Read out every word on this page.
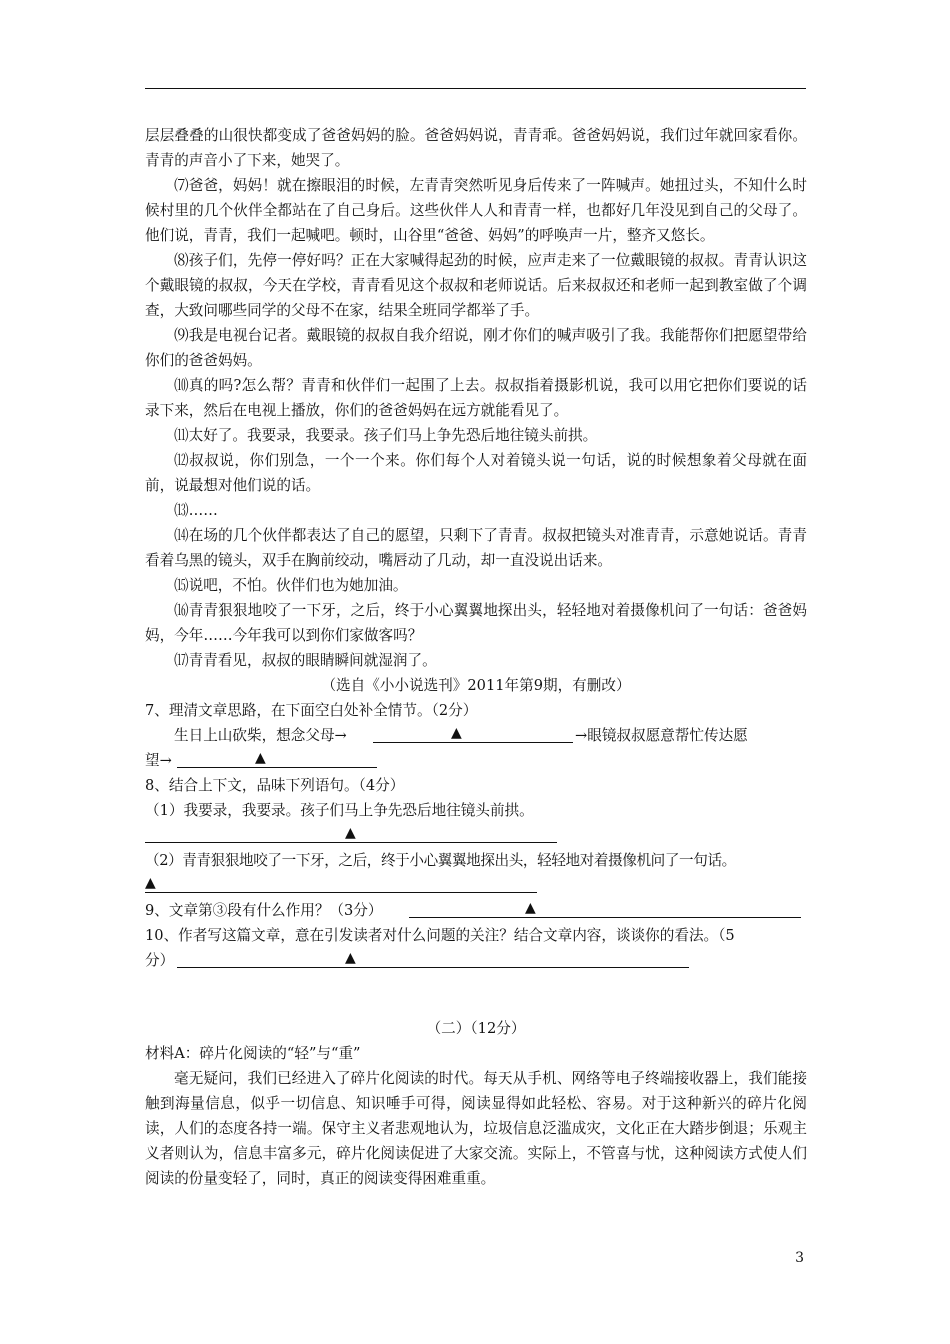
层层叠叠的山很快都变成了爸爸妈妈的脸。爸爸妈妈说，青青乖。爸爸妈妈说，我们过年就回家看你。青青的声音小了下来，她哭了。

⑺爸爸，妈妈！就在擦眼泪的时候，左青青突然听见身后传来了一阵喊声。她扭过头，不知什么时候村里的几个伙伴全都站在了自己身后。这些伙伴人人和青青一样，也都好几年没见到自己的父母了。他们说，青青，我们一起喊吧。顿时，山谷里“爸爸、妈妈”的呼唤声一片，整齐又悠长。

⑻孩子们，先停一停好吗？正在大家喊得起劲的时候，应声走来了一位戴眼镜的叔叔。青青认识这个戴眼镜的叔叔，今天在学校，青青看见这个叔叔和老师说话。后来叔叔还和老师一起到教室做了个调查，大致问哪些同学的父母不在家，结果全班同学都举了手。

⑼我是电视台记者。戴眼镜的叔叔自我介绍说，刚才你们的喊声吸引了我。我能帮你们把愿望带给你们的爸爸妈妈。

⑽真的吗?怎么帮？青青和伙伴们一起围了上去。叔叔指着摄影机说，我可以用它把你们要说的话录下来，然后在电视上播放，你们的爸爸妈妈在远方就能看见了。

⑾太好了。我要录，我要录。孩子们马上争先恐后地往镜头前拱。

⑿叔叔说，你们别急，一个一个来。你们每个人对着镜头说一句话，说的时候想象着父母就在面前，说最想对他们说的话。

⒀……

⒁在场的几个伙伴都表达了自己的愿望，只剩下了青青。叔叔把镜头对准青青，示意她说话。青青看着乌黑的镜头，双手在胸前绞动，嘴唇动了几动，却一直没说出话来。

⒂说吧，不怕。伙伴们也为她加油。

⒃青青狠狠地咬了一下牙，之后，终于小心翼翼地探出头，轻轻地对着摄像机问了一句话：爸爸妈妈，今年……今年我可以到你们家做客吗？

⒄青青看见，叔叔的眼睛瞬间就湿润了。

（选自《小小说选刊》2011年第9期，有删改）

7、理清文章思路，在下面空白处补全情节。（2分）

生日上山砍柴，想念父母→	▲	→眼镜叔叔愿意帮忙传达愿
望→	▲

8、结合上下文，品味下列语句。（4分）

（1）我要录，我要录。孩子们马上争先恐后地往镜头前拱。

▲

（2）青青狠狠地咬了一下牙，之后，终于小心翼翼地探出头，轻轻地对着摄像机问了一句话。

▲
9、文章第③段有什么作用？（3分）	▲

10、作者写这篇文章，意在引发读者对什么问题的关注？结合文章内容，谈谈你的看法。（5

分）	▲

（二）（12分）

材料A：碎片化阅读的“轻”与“重”

毫无疑问，我们已经进入了碎片化阅读的时代。每天从手机、网络等电子终端接收器上，我们能接触到海量信息，似乎一切信息、知识唾手可得，阅读显得如此轻松、容易。对于这种新兴的碎片化阅读，人们的态度各持一端。保守主义者悲观地认为，垃圾信息泛滥成灾，文化正在大踏步倒退；乐观主义者则认为，信息丰富多元，碎片化阅读促进了大家交流。实际上，不管喜与忧，这种阅读方式使人们阅读的份量变轻了，同时，真正的阅读变得困难重重。

3
